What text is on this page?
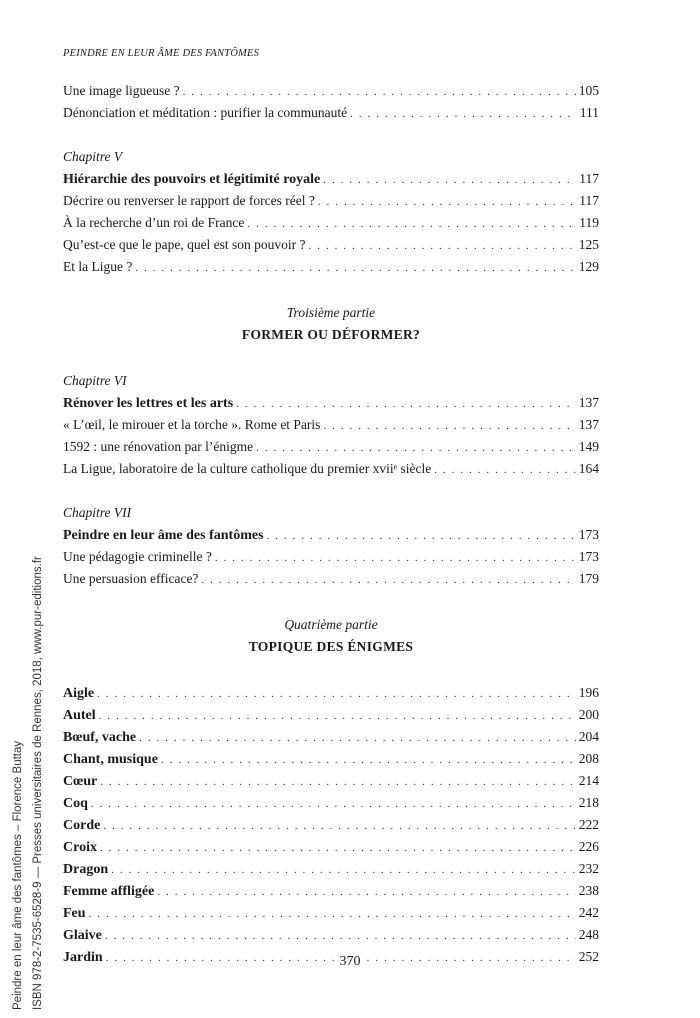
PEINDRE EN LEUR ÂME DES FANTÔMES
Une image ligueuse ? . . .	105
Dénonciation et méditation : purifier la communauté . . .	111
Chapitre V
Hiérarchie des pouvoirs et légitimité royale . . .	117
Décrire ou renverser le rapport de forces réel ? . . .	117
À la recherche d’un roi de France . . .	119
Qu’est-ce que le pape, quel est son pouvoir ? . . .	125
Et la Ligue ? . . .	129
Troisième partie
FORMER OU DÉFORMER?
Chapitre VI
Rénover les lettres et les arts . . .	137
« L’œil, le mirouer et la torche ». Rome et Paris . . .	137
1592 : une rénovation par l’énigme . . .	149
La Ligue, laboratoire de la culture catholique du premier xviiᵉ siècle . . .	164
Chapitre VII
Peindre en leur âme des fantômes . . .	173
Une pédagogie criminelle ? . . .	173
Une persuasion efficace? . . .	179
Quatrième partie
TOPIQUE DES ÉNIGMES
Aigle . . .	196
Autel . . .	200
Bœuf, vache . . .	204
Chant, musique . . .	208
Cœur . . .	214
Coq . . .	218
Corde . . .	222
Croix . . .	226
Dragon . . .	232
Femme affligée . . .	238
Feu . . .	242
Glaive . . .	248
Jardin . . .	252
370
Peindre en leur âme des fantômes – Florence Buttay ISBN 978-2-7535-6528-9 — Presses universitaires de Rennes, 2018, www.pur-editions.fr
